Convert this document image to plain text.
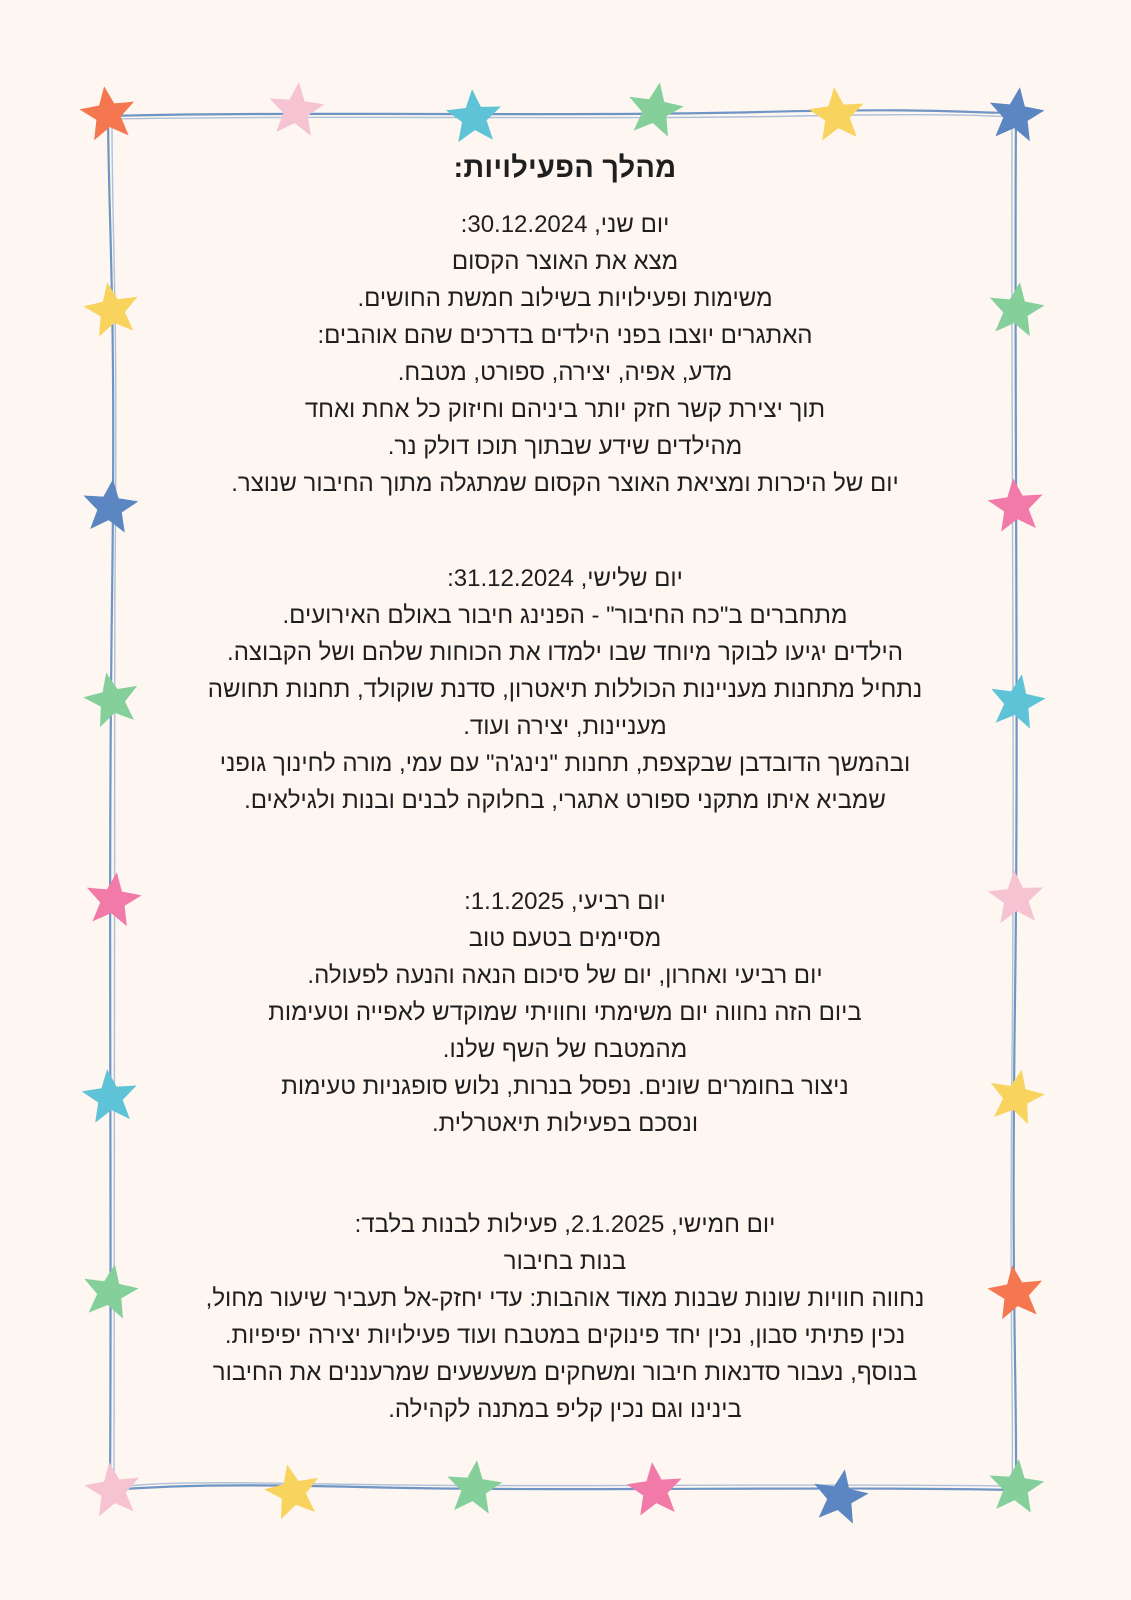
מהלך הפעילויות:

יום שני, 30.12.2024:

מצא את האוצר הקסום

משימות ופעילויות בשילוב חמשת החושים.

האתגרים יוצבו בפני הילדים בדרכים שהם אוהבים:

מדע, אפיה, יצירה, ספורט, מטבח.

תוך יצירת קשר חזק יותר ביניהם וחיזוק כל אחת ואחד

מהילדים שידע שבתוך תוכו דולק נר.

יום של היכרות ומציאת האוצר הקסום שמתגלה מתוך החיבור שנוצר.

יום שלישי, 31.12.2024:

מתחברים ב"כח החיבור" - הפנינג חיבור באולם האירועים.

הילדים יגיעו לבוקר מיוחד שבו ילמדו את הכוחות שלהם ושל הקבוצה.

נתחיל מתחנות מעניינות הכוללות תיאטרון, סדנת שוקולד, תחנות תחושה

מעניינות, יצירה ועוד.

ובהמשך הדובדבן שבקצפת, תחנות "נינג'ה" עם עמי, מורה לחינוך גופני

שמביא איתו מתקני ספורט אתגרי, בחלוקה לבנים ובנות ולגילאים.

יום רביעי, 1.1.2025:

מסיימים בטעם טוב

יום רביעי ואחרון, יום של סיכום הנאה והנעה לפעולה.

ביום הזה נחווה יום משימתי וחוויתי שמוקדש לאפייה וטעימות

מהמטבח של השף שלנו.

ניצור בחומרים שונים. נפסל בנרות, נלוש סופגניות טעימות

ונסכם בפעילות תיאטרלית.

יום חמישי, 2.1.2025, פעילות לבנות בלבד:

בנות בחיבור

נחווה חוויות שונות שבנות מאוד אוהבות: עדי יחזק-אל תעביר שיעור מחול,

נכין פתיתי סבון, נכין יחד פינוקים במטבח ועוד פעילויות יצירה יפיפיות.

בנוסף, נעבור סדנאות חיבור ומשחקים משעשעים שמרעננים את החיבור

בינינו וגם נכין קליפ במתנה לקהילה.
